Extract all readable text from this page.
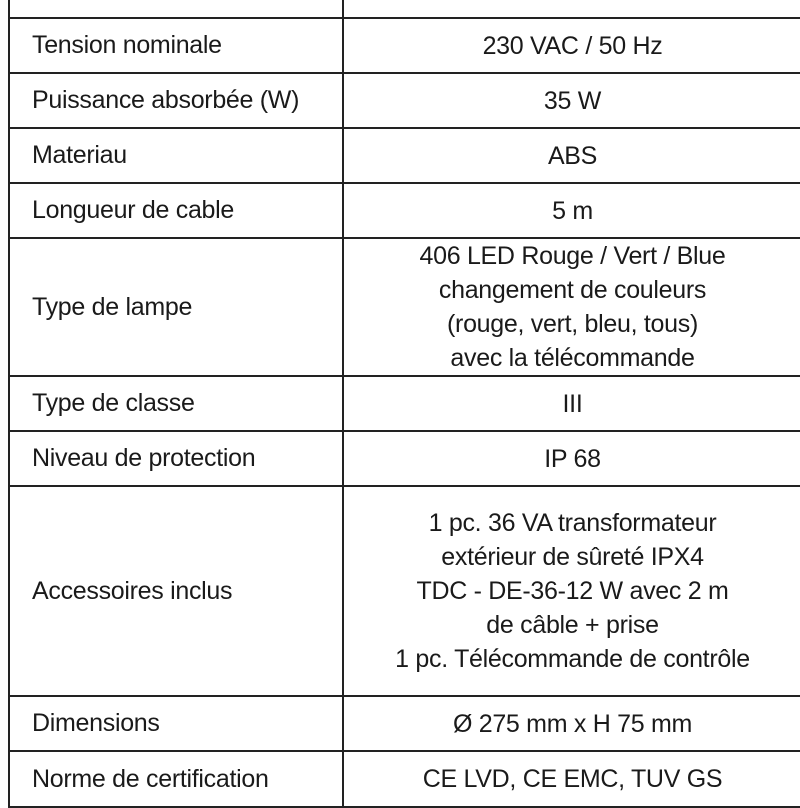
Tension nominale	230 VAC / 50 Hz

Puissance absorbée (W)	35 W

Materiau	ABS

Longueur de cable	5 m

Type de lampe	406 LED Rouge / Vert / Blue
changement de couleurs
(rouge, vert, bleu, tous)
avec la télécommande

Type de classe	III

Niveau de protection	IP 68

Accessoires inclus	1 pc. 36 VA transformateur
extérieur de sûreté IPX4
TDC - DE-36-12 W avec 2 m
de câble + prise
1 pc. Télécommande de contrôle

Dimensions	Ø 275 mm x H 75 mm

Norme de certification	CE LVD, CE EMC, TUV GS
